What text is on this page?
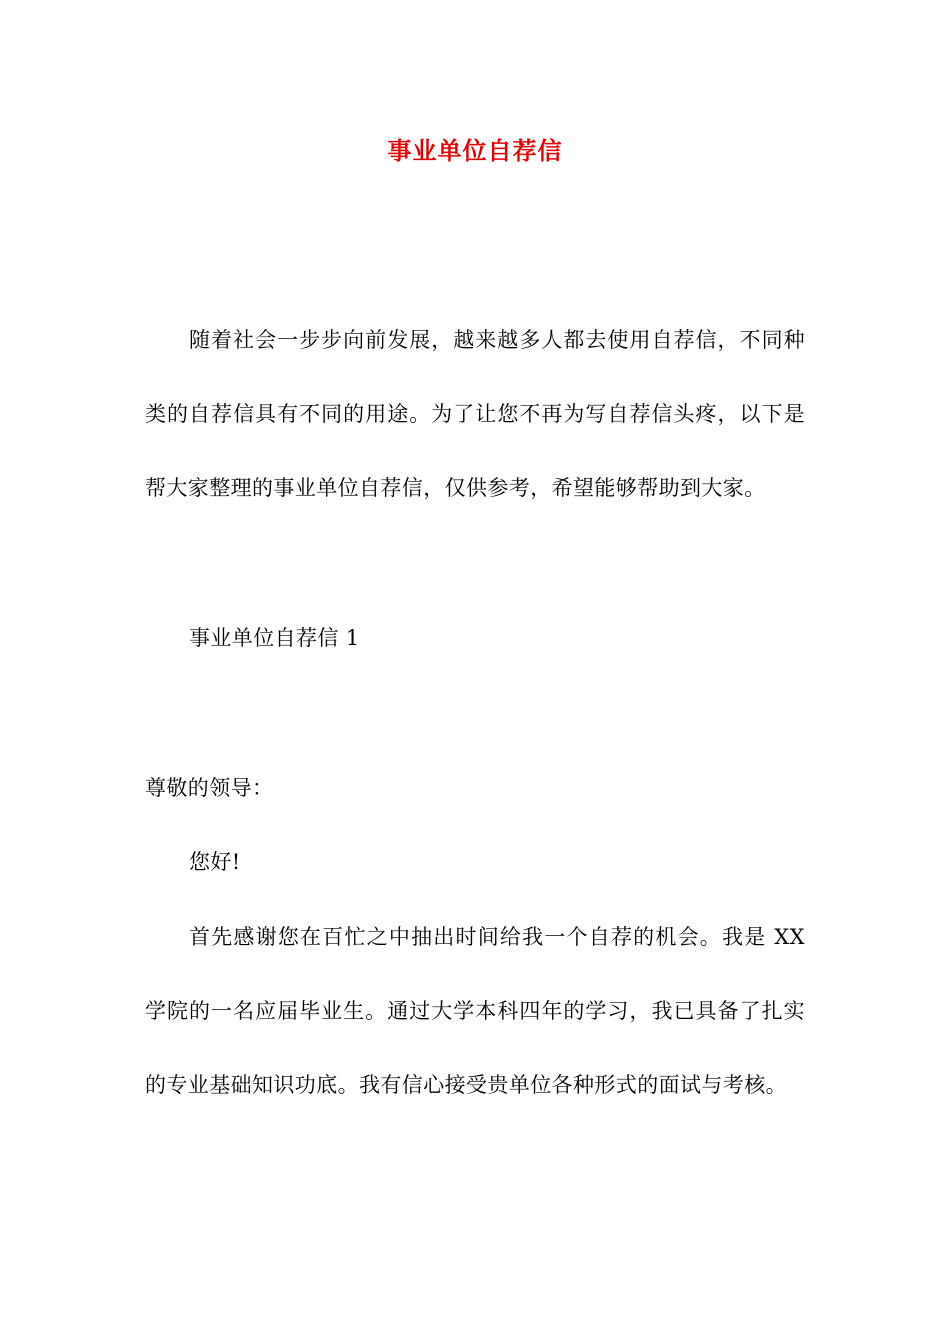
事业单位自荐信

随着社会一步步向前发展，越来越多人都去使用自荐信，不同种类的自荐信具有不同的用途。为了让您不再为写自荐信头疼，以下是帮大家整理的事业单位自荐信，仅供参考，希望能够帮助到大家。

事业单位自荐信 1

尊敬的领导：

您好!

首先感谢您在百忙之中抽出时间给我一个自荐的机会。我是 XX 学院的一名应届毕业生。通过大学本科四年的学习，我已具备了扎实的专业基础知识功底。我有信心接受贵单位各种形式的面试与考核。
